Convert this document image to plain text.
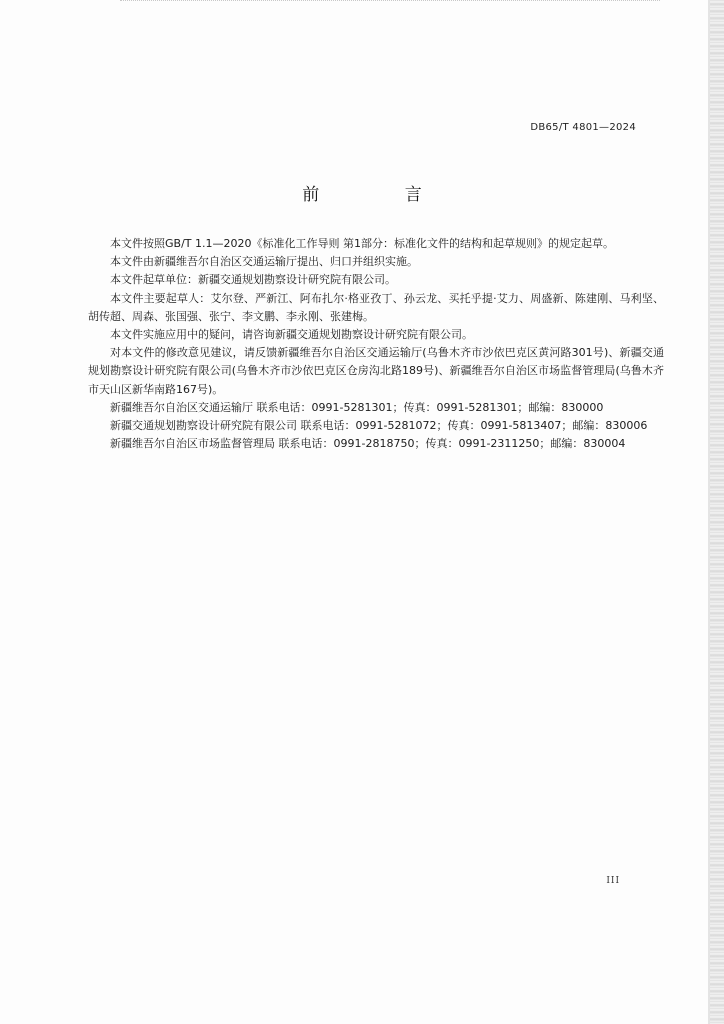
DB65/T 4801—2024
前 言

本文件按照GB/T 1.1—2020《标准化工作导则 第1部分：标准化文件的结构和起草规则》的规定起草。

本文件由新疆维吾尔自治区交通运输厅提出、归口并组织实施。

本文件起草单位：新疆交通规划勘察设计研究院有限公司。

本文件主要起草人：艾尔登、严新江、阿布扎尔·格亚孜丁、孙云龙、买托乎提·艾力、周盛新、陈建刚、马利坚、胡传超、周森、张国强、张宁、李文鹏、李永刚、张建梅。

本文件实施应用中的疑问，请咨询新疆交通规划勘察设计研究院有限公司。

对本文件的修改意见建议，请反馈新疆维吾尔自治区交通运输厅(乌鲁木齐市沙依巴克区黄河路301号)、新疆交通规划勘察设计研究院有限公司(乌鲁木齐市沙依巴克区仓房沟北路189号)、新疆维吾尔自治区市场监督管理局(乌鲁木齐市天山区新华南路167号)。

新疆维吾尔自治区交通运输厅 联系电话：0991-5281301；传真：0991-5281301；邮编：830000

新疆交通规划勘察设计研究院有限公司 联系电话：0991-5281072；传真：0991-5813407；邮编：830006

新疆维吾尔自治区市场监督管理局 联系电话：0991-2818750；传真：0991-2311250；邮编：830004

III
